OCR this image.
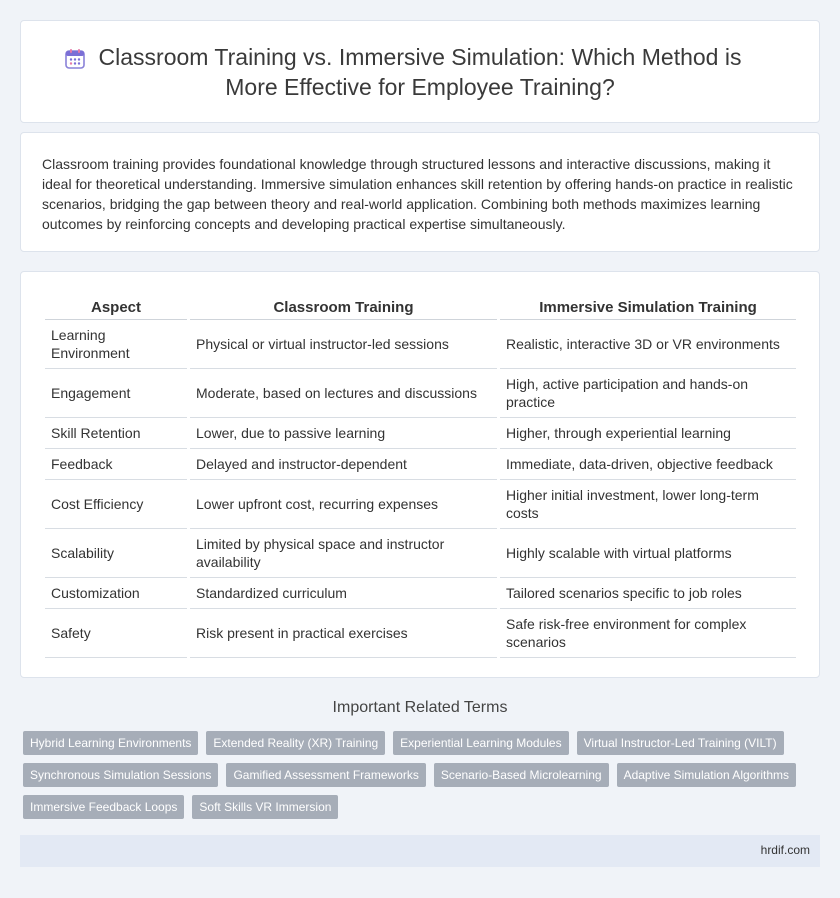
Classroom Training vs. Immersive Simulation: Which Method is More Effective for Employee Training?

Classroom training provides foundational knowledge through structured lessons and interactive discussions, making it ideal for theoretical understanding. Immersive simulation enhances skill retention by offering hands-on practice in realistic scenarios, bridging the gap between theory and real-world application. Combining both methods maximizes learning outcomes by reinforcing concepts and developing practical expertise simultaneously.

Aspect	Classroom Training	Immersive Simulation Training
Learning Environment	Physical or virtual instructor-led sessions	Realistic, interactive 3D or VR environments
Engagement	Moderate, based on lectures and discussions	High, active participation and hands-on practice
Skill Retention	Lower, due to passive learning	Higher, through experiential learning
Feedback	Delayed and instructor-dependent	Immediate, data-driven, objective feedback
Cost Efficiency	Lower upfront cost, recurring expenses	Higher initial investment, lower long-term costs
Scalability	Limited by physical space and instructor availability	Highly scalable with virtual platforms
Customization	Standardized curriculum	Tailored scenarios specific to job roles
Safety	Risk present in practical exercises	Safe risk-free environment for complex scenarios
Important Related Terms
Hybrid Learning Environments	Extended Reality (XR) Training	Experiential Learning Modules	Virtual Instructor-Led Training (VILT)
Synchronous Simulation Sessions	Gamified Assessment Frameworks	Scenario-Based Microlearning	Adaptive Simulation Algorithms
Immersive Feedback Loops	Soft Skills VR Immersion
hrdif.com
